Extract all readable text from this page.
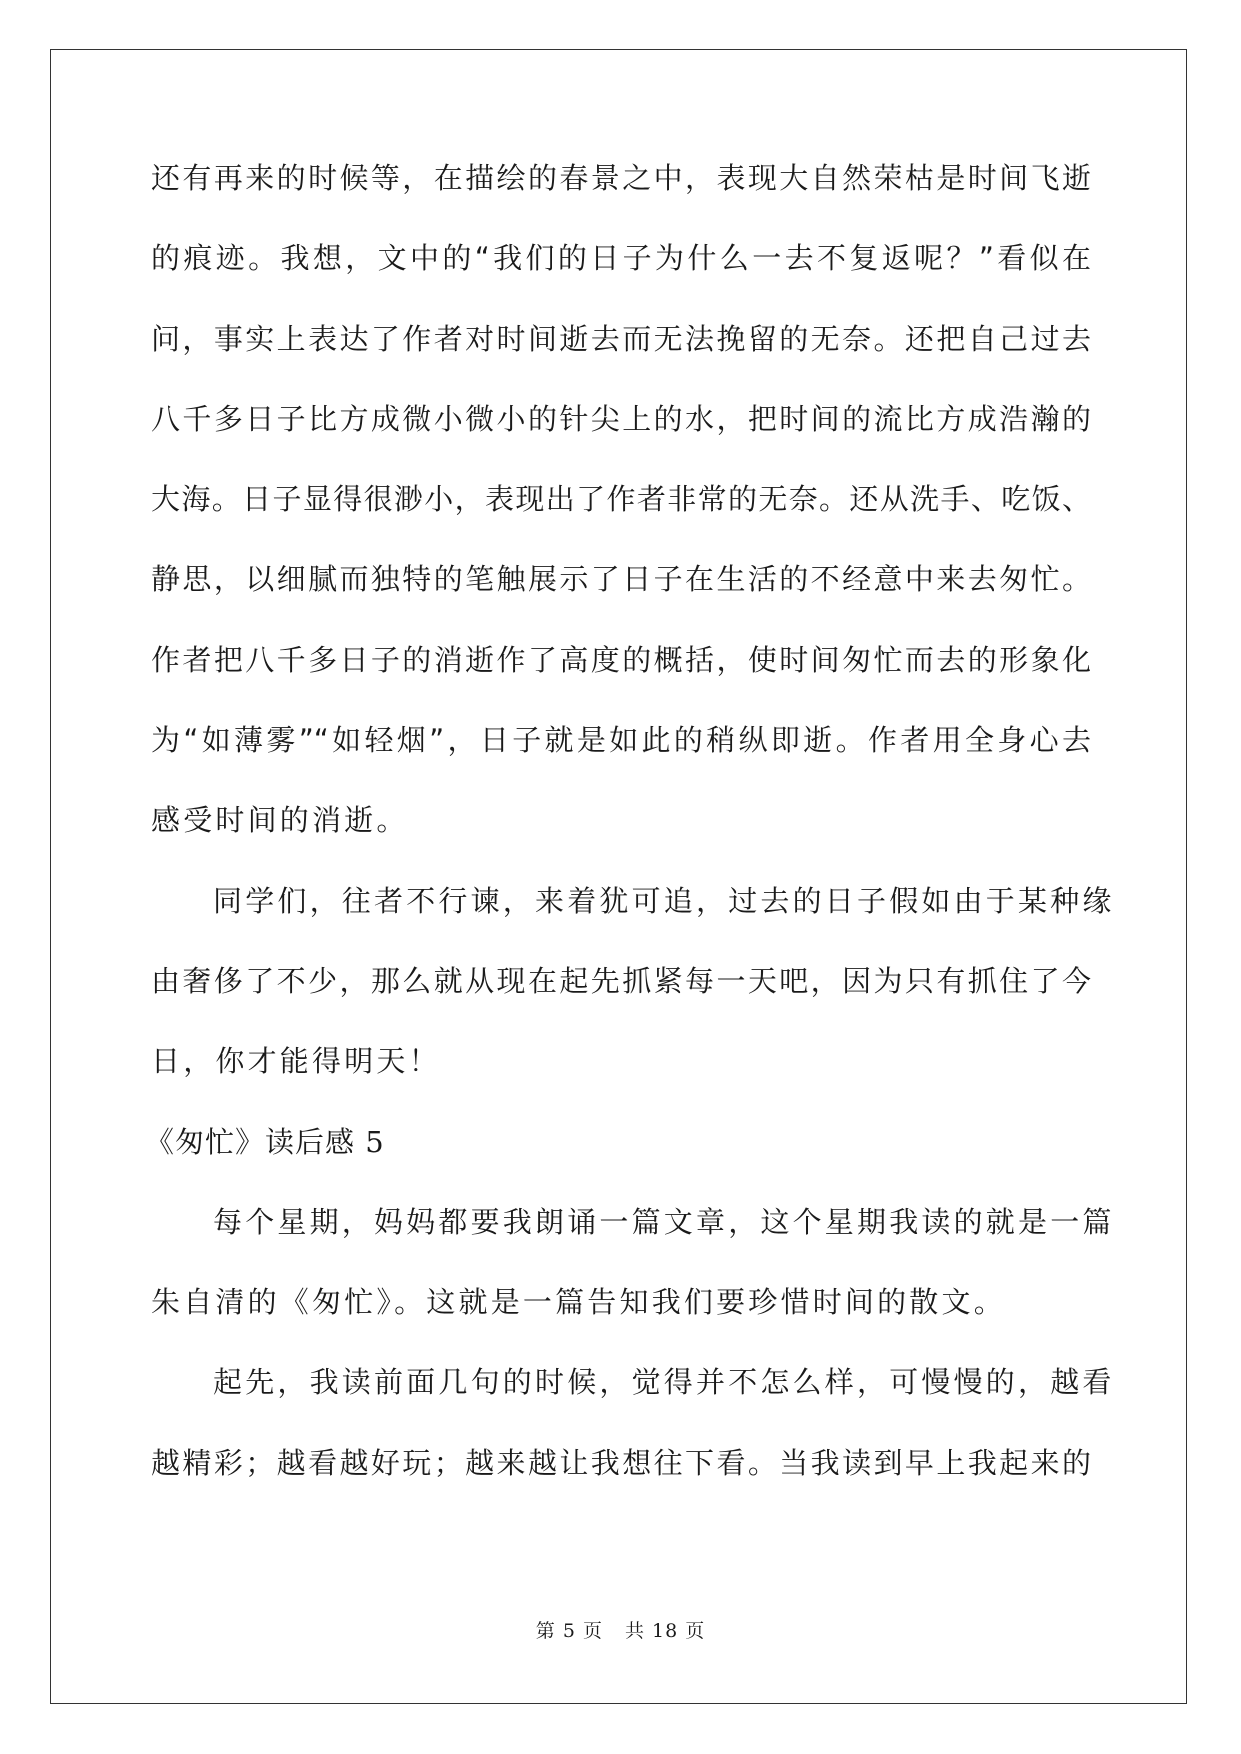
还有再来的时候等，在描绘的春景之中，表现大自然荣枯是时间飞逝
的痕迹。我想，文中的“我们的日子为什么一去不复返呢？”看似在
问，事实上表达了作者对时间逝去而无法挽留的无奈。还把自己过去
八千多日子比方成微小微小的针尖上的水，把时间的流比方成浩瀚的
大海。日子显得很渺小，表现出了作者非常的无奈。还从洗手、吃饭、
静思，以细腻而独特的笔触展示了日子在生活的不经意中来去匆忙。
作者把八千多日子的消逝作了高度的概括，使时间匆忙而去的形象化
为“如薄雾”“如轻烟”，日子就是如此的稍纵即逝。作者用全身心去
感受时间的消逝。
同学们，往者不行谏，来着犹可追，过去的日子假如由于某种缘
由奢侈了不少，那么就从现在起先抓紧每一天吧，因为只有抓住了今
日，你才能得明天！
《匆忙》读后感 5
每个星期，妈妈都要我朗诵一篇文章，这个星期我读的就是一篇
朱自清的《匆忙》。这就是一篇告知我们要珍惜时间的散文。
起先，我读前面几句的时候，觉得并不怎么样，可慢慢的，越看
越精彩；越看越好玩；越来越让我想往下看。当我读到早上我起来的
第 5 页 共 18 页
